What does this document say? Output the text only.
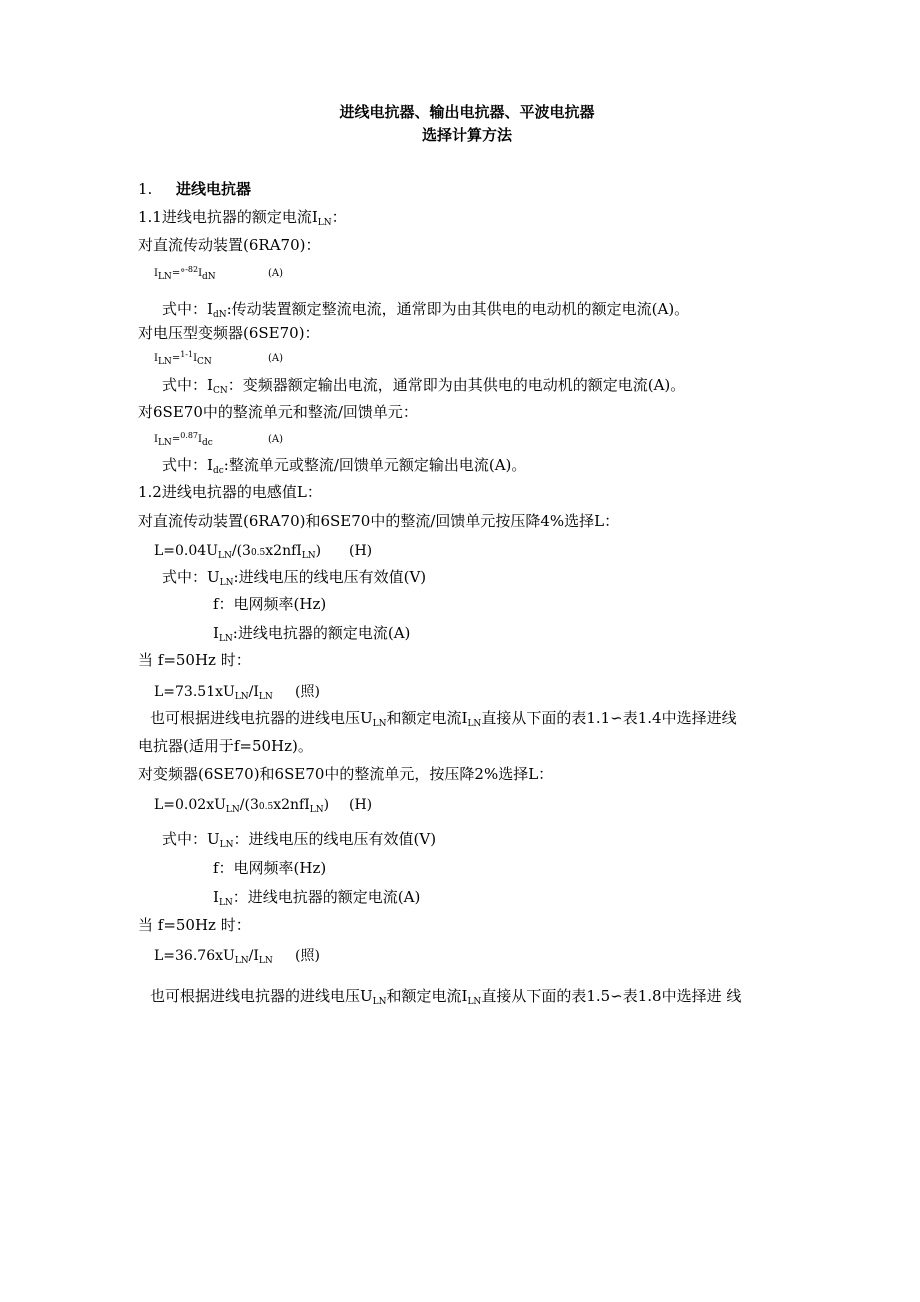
进线电抗器、输出电抗器、平波电抗器
选择计算方法
1. 进线电抗器
1.1进线电抗器的额定电流$I_{LN}$：
对直流传动装置(6RA70)：
$I_{LN}=^\circ^{-82}I_{dN}$	(A)
式中：$I_{dN}$:传动装置额定整流电流，通常即为由其供电的电动机的额定电流(A)。
对电压型变频器(6SE70)：
$I_{LN}=^{1-1}I_{CN}$	(A)
式中：$I_{CN}$：变频器额定输出电流，通常即为由其供电的电动机的额定电流(A)。
对6SE70中的整流单元和整流/回馈单元：
$I_{LN}=^{0.87}I_{dc}$	(A)
式中：$I_{dc}$:整流单元或整流/回馈单元额定输出电流(A)。
1.2进线电抗器的电感值L：
对直流传动装置(6RA70)和6SE70中的整流/回馈单元按压降4%选择L：
$L=0.04U_{LN}/(30.5x2nfI_{LN})$ (H)
式中：$U_{LN}$:进线电压的线电压有效值(V)
f：电网频率(Hz)
$I_{LN}$:进线电抗器的额定电流(A)
当 f=50Hz 时：
$L=73.51xU_{LN}/I_{LN}$ (照)
也可根据进线电抗器的进线电压$U_{LN}$和额定电流$I_{LN}$直接从下面的表1.1∽表1.4中选择进线
电抗器(适用于f=50Hz)。
对变频器(6SE70)和6SE70中的整流单元，按压降2%选择L：
$L=0.02xU_{LN}/(30.5x2nfI_{LN})$ (H)
式中：$U_{LN}$：进线电压的线电压有效值(V)
f：电网频率(Hz)
$I_{LN}$：进线电抗器的额定电流(A)
当 f=50Hz 时：
$L=36.76xU_{LN}/I_{LN}$ (照)
也可根据进线电抗器的进线电压$U_{LN}$和额定电流$I_{LN}$直接从下面的表1.5∽表1.8中选择进 线
